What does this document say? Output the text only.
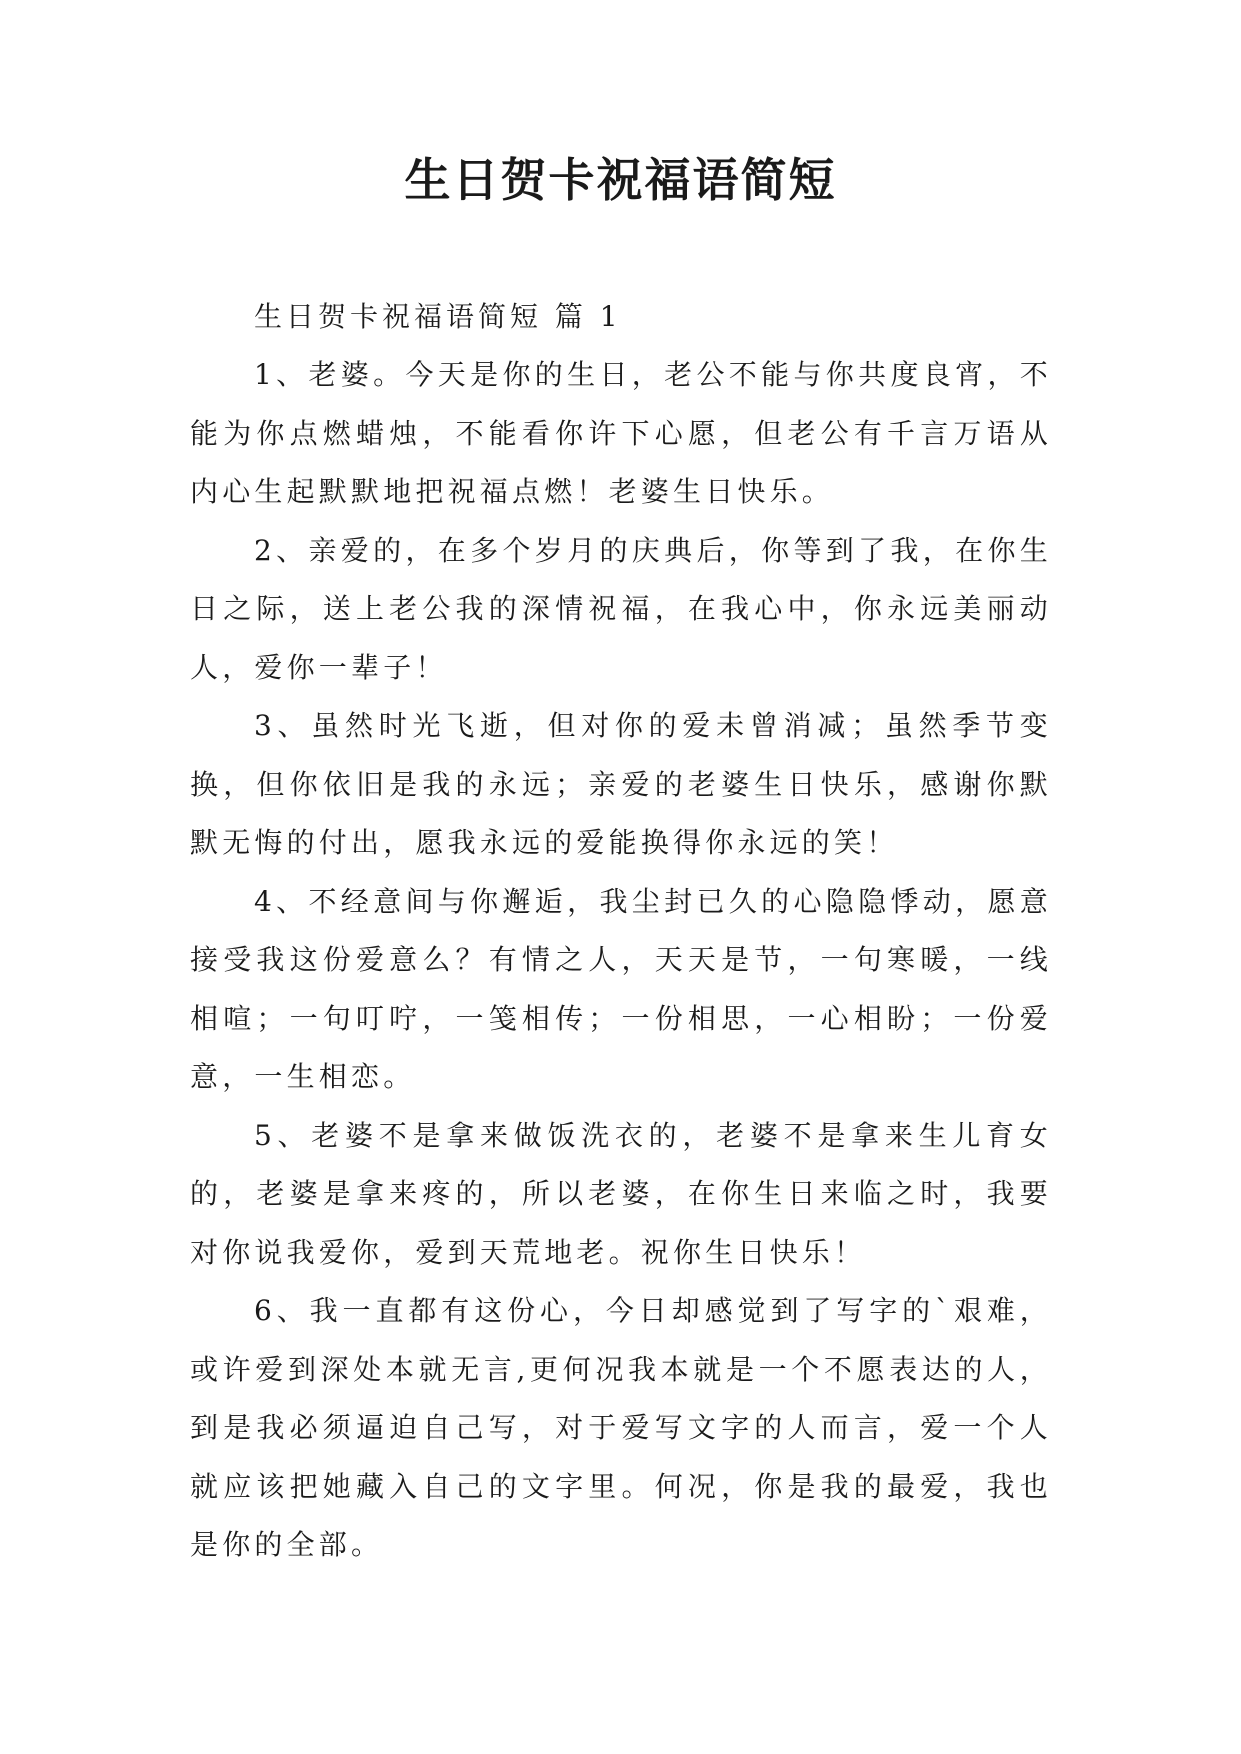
生日贺卡祝福语简短

生日贺卡祝福语简短 篇 1

1、老婆。今天是你的生日，老公不能与你共度良宵，不能为你点燃蜡烛，不能看你许下心愿，但老公有千言万语从内心生起默默地把祝福点燃！老婆生日快乐。

2、亲爱的，在多个岁月的庆典后，你等到了我，在你生日之际，送上老公我的深情祝福，在我心中，你永远美丽动人，爱你一辈子！

3、虽然时光飞逝，但对你的爱未曾消减；虽然季节变换，但你依旧是我的永远；亲爱的老婆生日快乐，感谢你默默无悔的付出，愿我永远的爱能换得你永远的笑！

4、不经意间与你邂逅，我尘封已久的心隐隐悸动，愿意接受我这份爱意么？有情之人，天天是节，一句寒暖，一线相喧；一句叮咛，一笺相传；一份相思，一心相盼；一份爱意，一生相恋。

5、老婆不是拿来做饭洗衣的，老婆不是拿来生儿育女的，老婆是拿来疼的，所以老婆，在你生日来临之时，我要对你说我爱你，爱到天荒地老。祝你生日快乐！

6、我一直都有这份心，今日却感觉到了写字的`艰难，或许爱到深处本就无言,更何况我本就是一个不愿表达的人，到是我必须逼迫自己写，对于爱写文字的人而言，爱一个人就应该把她藏入自己的文字里。何况，你是我的最爱，我也是你的全部。
